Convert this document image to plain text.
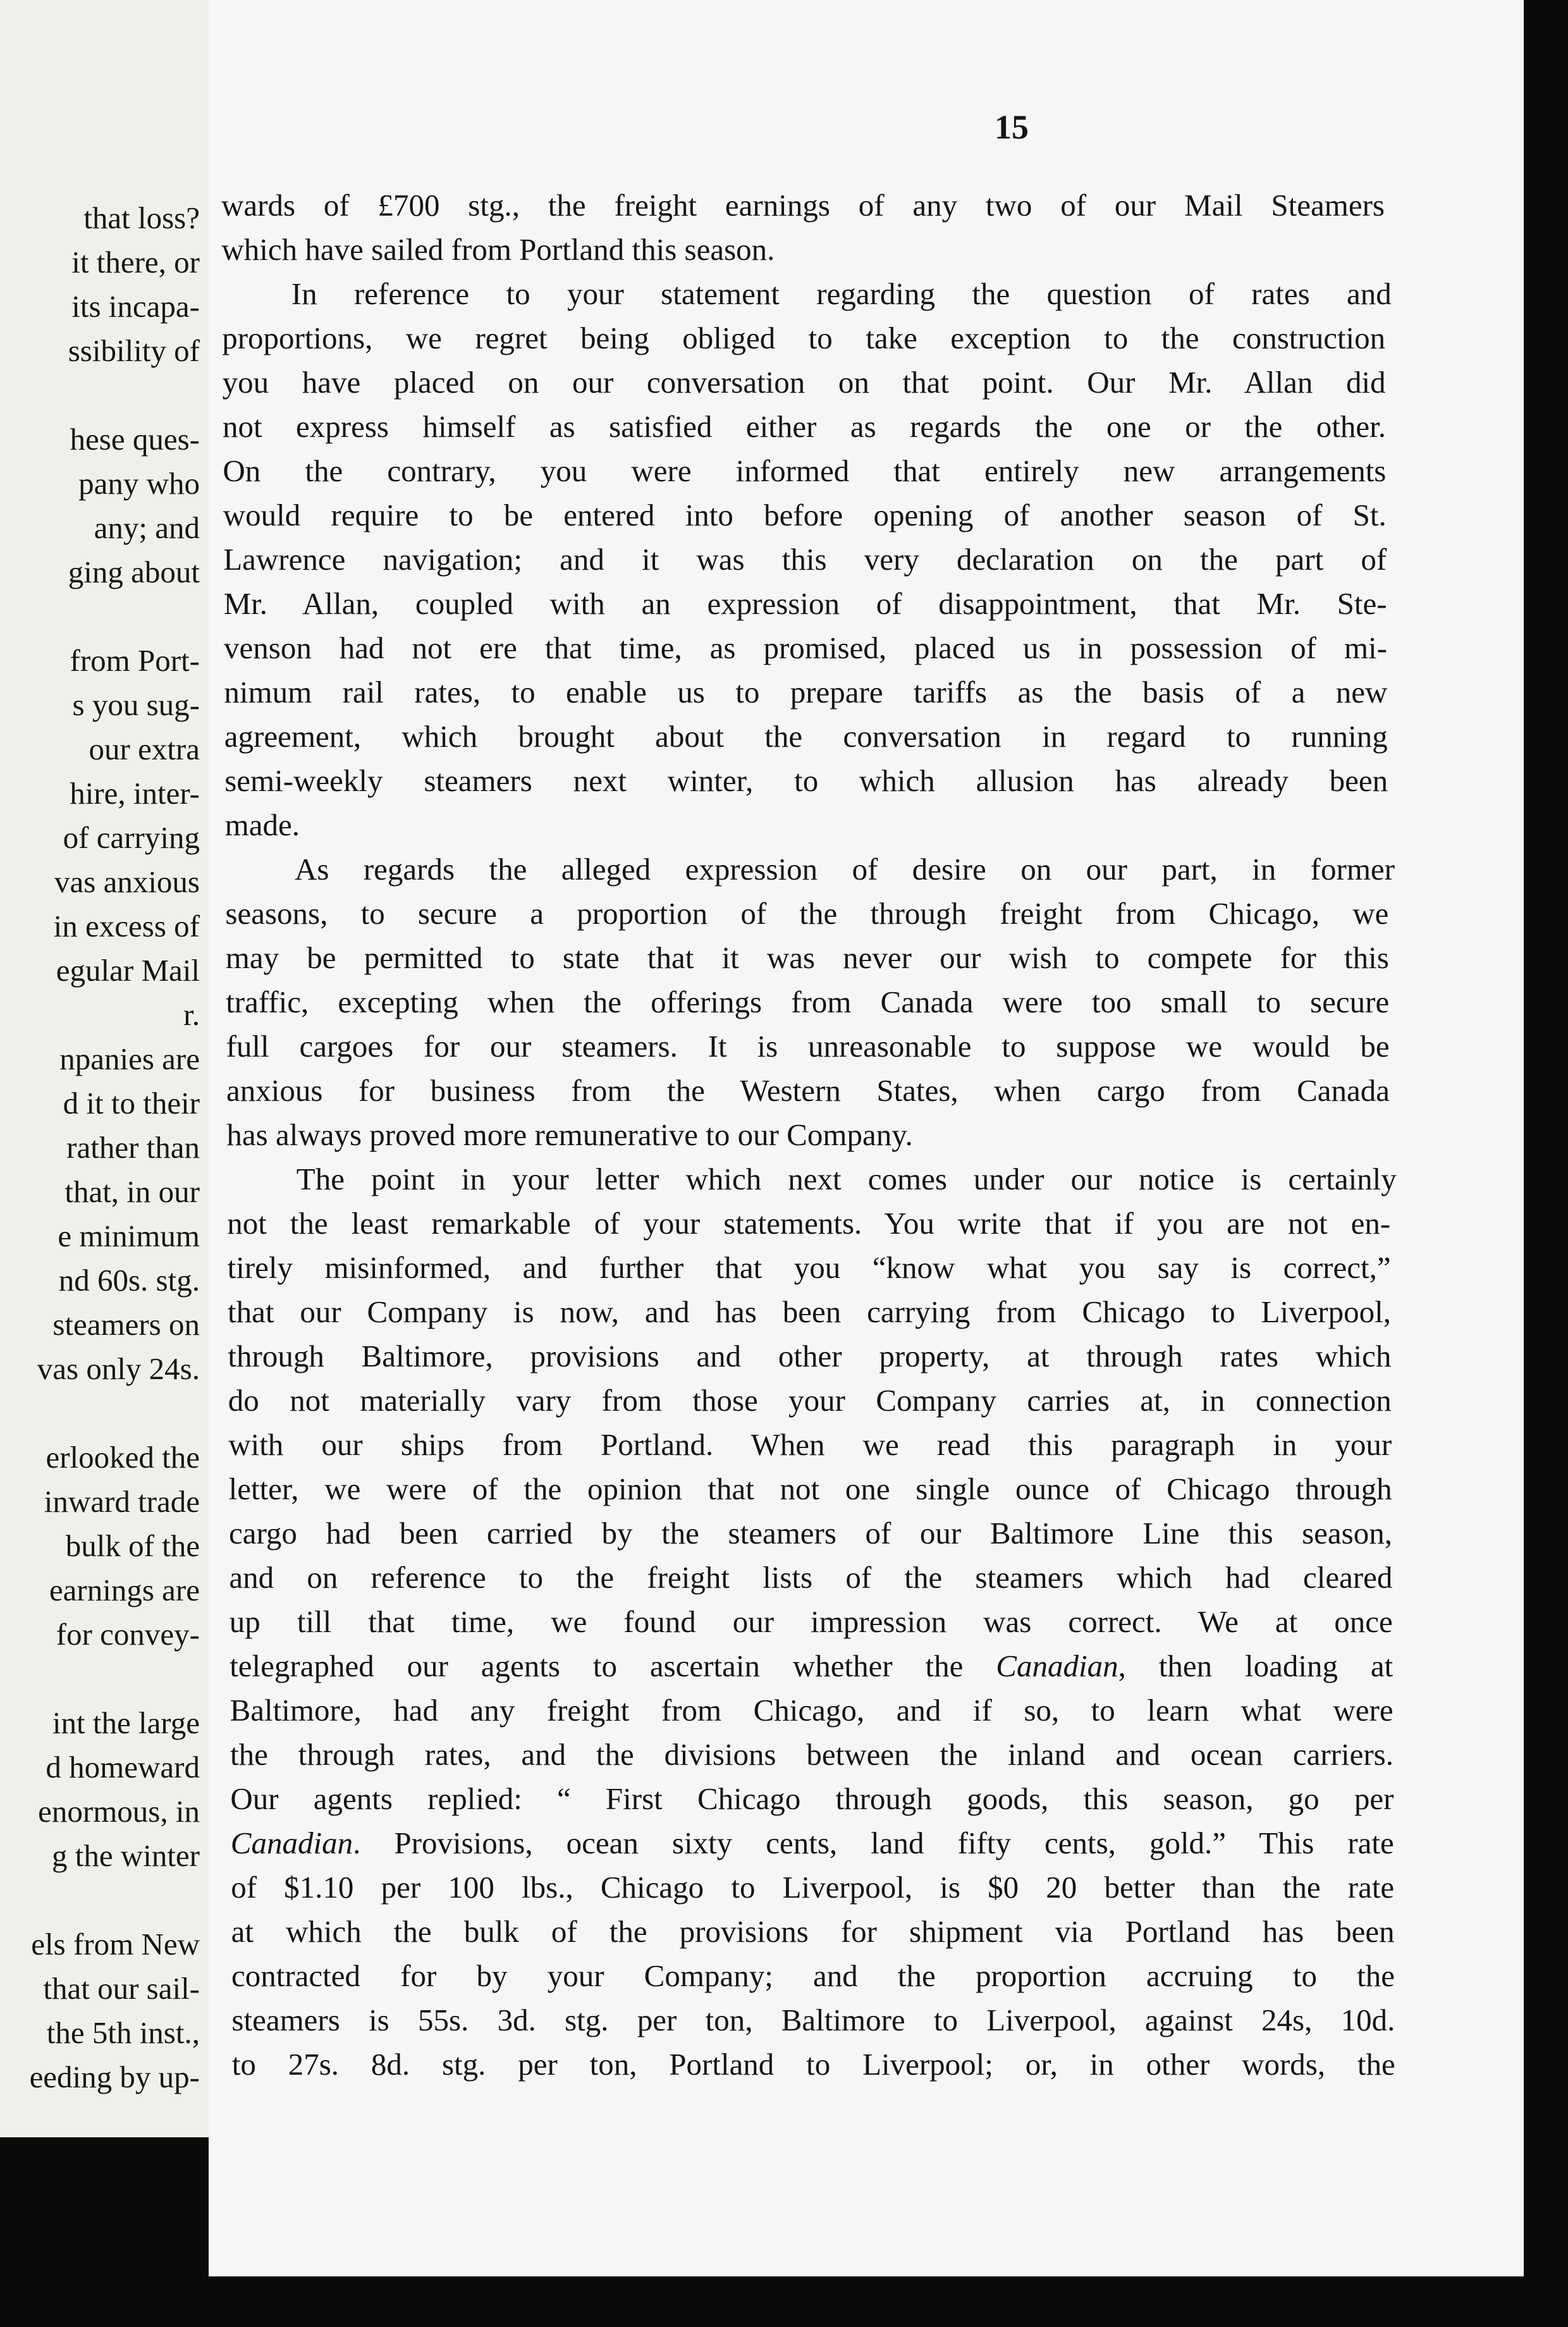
that loss?
it there, or
its incapa-
ssibility of
hese ques-
pany who
any; and
ging about
from Port-
s you sug-
our extra
hire, inter-
of carrying
vas anxious
in excess of
egular Mail
r.
npanies are
d it to their
rather than
that, in our
e minimum
nd 60s. stg.
steamers on
vas only 24s.
erlooked the
inward trade
bulk of the
earnings are
for convey-
int the large
d homeward
enormous, in
g the winter
els from New
that our sail-
the 5th inst.,
eeding by up-
15
wards of £700 stg., the freight earnings of any two of our Mail Steamers
which have sailed from Portland this season.
In reference to your statement regarding the question of rates and
proportions, we regret being obliged to take exception to the construction
you have placed on our conversation on that point. Our Mr. Allan did
not express himself as satisfied either as regards the one or the other.
On the contrary, you were informed that entirely new arrangements
would require to be entered into before opening of another season of St.
Lawrence navigation; and it was this very declaration on the part of
Mr. Allan, coupled with an expression of disappointment, that Mr. Ste-
venson had not ere that time, as promised, placed us in possession of mi-
nimum rail rates, to enable us to prepare tariffs as the basis of a new
agreement, which brought about the conversation in regard to running
semi-weekly steamers next winter, to which allusion has already been
made.
As regards the alleged expression of desire on our part, in former
seasons, to secure a proportion of the through freight from Chicago, we
may be permitted to state that it was never our wish to compete for this
traffic, excepting when the offerings from Canada were too small to secure
full cargoes for our steamers. It is unreasonable to suppose we would be
anxious for business from the Western States, when cargo from Canada
has always proved more remunerative to our Company.
The point in your letter which next comes under our notice is certainly
not the least remarkable of your statements. You write that if you are not en-
tirely misinformed, and further that you “know what you say is correct,”
that our Company is now, and has been carrying from Chicago to Liverpool,
through Baltimore, provisions and other property, at through rates which
do not materially vary from those your Company carries at, in connection
with our ships from Portland. When we read this paragraph in your
letter, we were of the opinion that not one single ounce of Chicago through
cargo had been carried by the steamers of our Baltimore Line this season,
and on reference to the freight lists of the steamers which had cleared
up till that time, we found our impression was correct. We at once
telegraphed our agents to ascertain whether the Canadian, then loading at
Baltimore, had any freight from Chicago, and if so, to learn what were
the through rates, and the divisions between the inland and ocean carriers.
Our agents replied: “ First Chicago through goods, this season, go per
Canadian. Provisions, ocean sixty cents, land fifty cents, gold.” This rate
of $1.10 per 100 lbs., Chicago to Liverpool, is $0 20 better than the rate
at which the bulk of the provisions for shipment via Portland has been
contracted for by your Company; and the proportion accruing to the
steamers is 55s. 3d. stg. per ton, Baltimore to Liverpool, against 24s, 10d.
to 27s. 8d. stg. per ton, Portland to Liverpool; or, in other words, the
